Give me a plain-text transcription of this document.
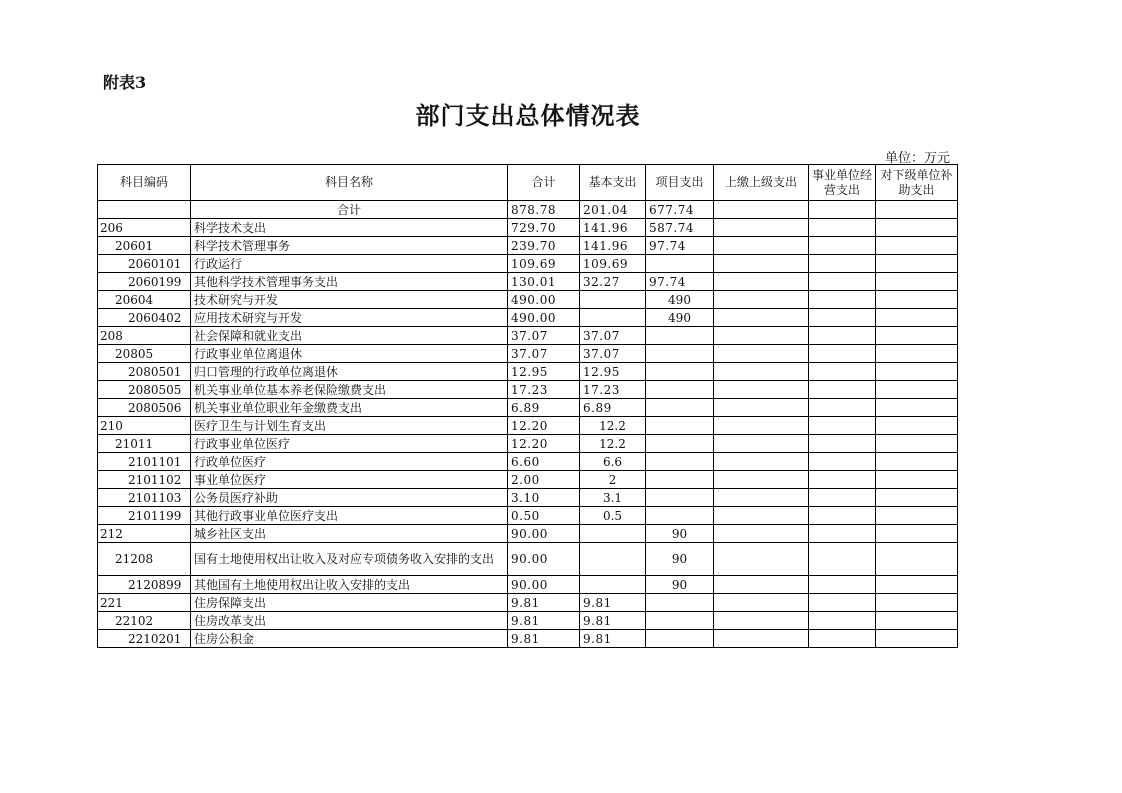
附表3
部门支出总体情况表
单位：万元
科目编码	科目名称	合计	基本支出	项目支出	上缴上级支出	事业单位经营支出	对下级单位补助支出
	合计	878.78	201.04	677.74			
206	科学技术支出	729.70	141.96	587.74			
20601	科学技术管理事务	239.70	141.96	97.74			
2060101	行政运行	109.69	109.69				
2060199	其他科学技术管理事务支出	130.01	32.27	97.74			
20604	技术研究与开发	490.00		490			
2060402	应用技术研究与开发	490.00		490			
208	社会保障和就业支出	37.07	37.07				
20805	行政事业单位离退休	37.07	37.07				
2080501	归口管理的行政单位离退休	12.95	12.95				
2080505	机关事业单位基本养老保险缴费支出	17.23	17.23				
2080506	机关事业单位职业年金缴费支出	6.89	6.89				
210	医疗卫生与计划生育支出	12.20	12.2				
21011	行政事业单位医疗	12.20	12.2				
2101101	行政单位医疗	6.60	6.6				
2101102	事业单位医疗	2.00	2				
2101103	公务员医疗补助	3.10	3.1				
2101199	其他行政事业单位医疗支出	0.50	0.5				
212	城乡社区支出	90.00		90			
21208	国有土地使用权出让收入及对应专项债务收入安排的支出	90.00		90			
2120899	其他国有土地使用权出让收入安排的支出	90.00		90			
221	住房保障支出	9.81	9.81				
22102	住房改革支出	9.81	9.81				
2210201	住房公积金	9.81	9.81				
